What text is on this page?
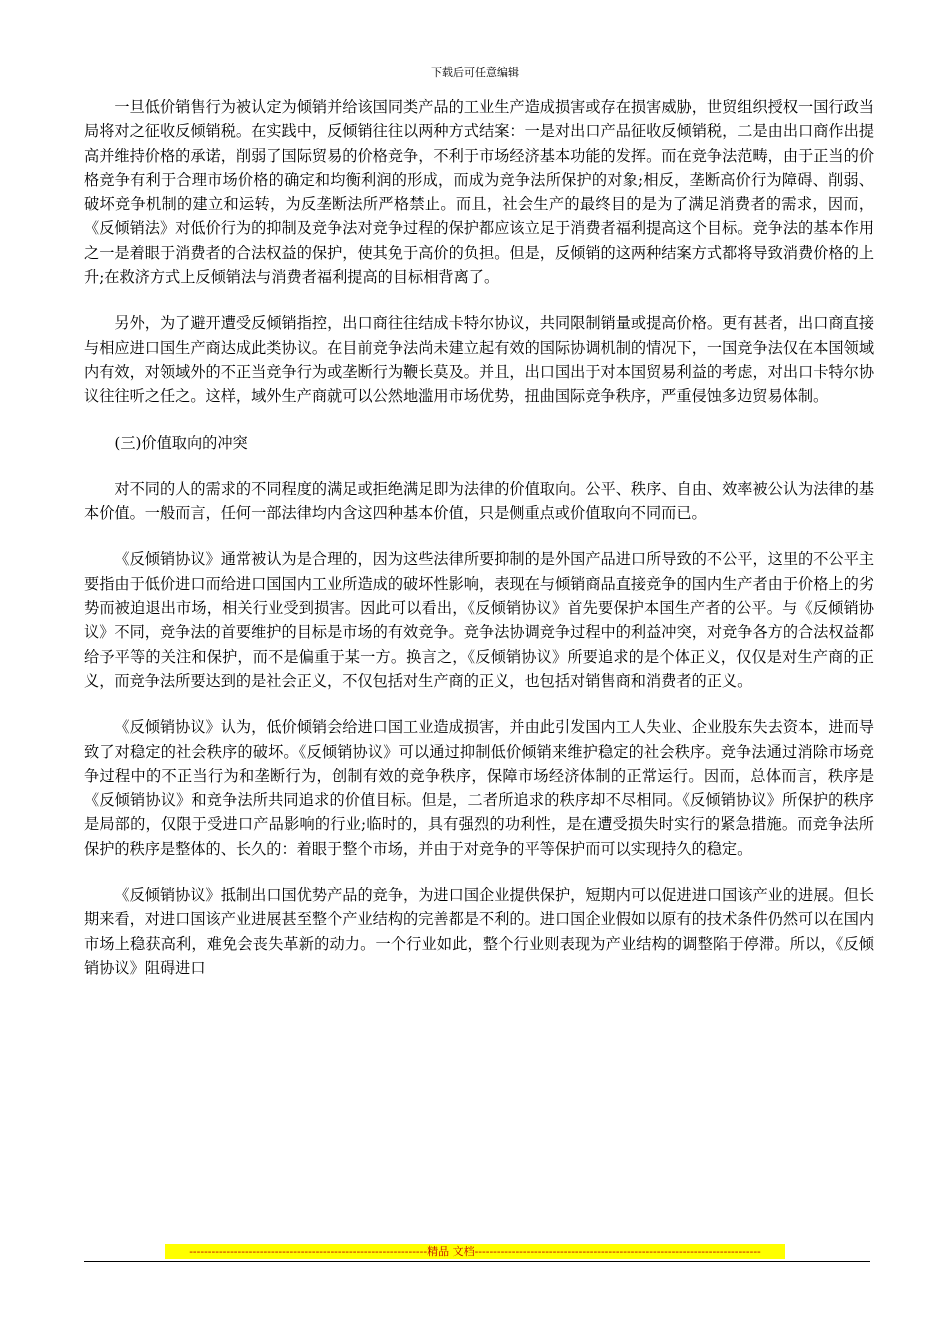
下载后可任意编辑

一旦低价销售行为被认定为倾销并给该国同类产品的工业生产造成损害或存在损害威胁，世贸组织授权一国行政当局将对之征收反倾销税。在实践中，反倾销往往以两种方式结案：一是对出口产品征收反倾销税，二是由出口商作出提高并维持价格的承诺，削弱了国际贸易的价格竞争，不利于市场经济基本功能的发挥。而在竞争法范畴，由于正当的价格竞争有利于合理市场价格的确定和均衡利润的形成，而成为竞争法所保护的对象;相反，垄断高价行为障碍、削弱、破坏竞争机制的建立和运转，为反垄断法所严格禁止。而且，社会生产的最终目的是为了满足消费者的需求，因而，《反倾销法》对低价行为的抑制及竞争法对竞争过程的保护都应该立足于消费者福利提高这个目标。竞争法的基本作用之一是着眼于消费者的合法权益的保护，使其免于高价的负担。但是，反倾销的这两种结案方式都将导致消费价格的上升;在救济方式上反倾销法与消费者福利提高的目标相背离了。

另外，为了避开遭受反倾销指控，出口商往往结成卡特尔协议，共同限制销量或提高价格。更有甚者，出口商直接与相应进口国生产商达成此类协议。在目前竞争法尚未建立起有效的国际协调机制的情况下，一国竞争法仅在本国领域内有效，对领域外的不正当竞争行为或垄断行为鞭长莫及。并且，出口国出于对本国贸易利益的考虑，对出口卡特尔协议往往听之任之。这样，域外生产商就可以公然地滥用市场优势，扭曲国际竞争秩序，严重侵蚀多边贸易体制。

(三)价值取向的冲突

对不同的人的需求的不同程度的满足或拒绝满足即为法律的价值取向。公平、秩序、自由、效率被公认为法律的基本价值。一般而言，任何一部法律均内含这四种基本价值，只是侧重点或价值取向不同而已。

《反倾销协议》通常被认为是合理的，因为这些法律所要抑制的是外国产品进口所导致的不公平，这里的不公平主要指由于低价进口而给进口国国内工业所造成的破坏性影响，表现在与倾销商品直接竞争的国内生产者由于价格上的劣势而被迫退出市场，相关行业受到损害。因此可以看出，《反倾销协议》首先要保护本国生产者的公平。与《反倾销协议》不同，竞争法的首要维护的目标是市场的有效竞争。竞争法协调竞争过程中的利益冲突，对竞争各方的合法权益都给予平等的关注和保护，而不是偏重于某一方。换言之，《反倾销协议》所要追求的是个体正义，仅仅是对生产商的正义，而竞争法所要达到的是社会正义，不仅包括对生产商的正义，也包括对销售商和消费者的正义。

《反倾销协议》认为，低价倾销会给进口国工业造成损害，并由此引发国内工人失业、企业股东失去资本，进而导致了对稳定的社会秩序的破坏。《反倾销协议》可以通过抑制低价倾销来维护稳定的社会秩序。竞争法通过消除市场竞争过程中的不正当行为和垄断行为，创制有效的竞争秩序，保障市场经济体制的正常运行。因而，总体而言，秩序是《反倾销协议》和竞争法所共同追求的价值目标。但是，二者所追求的秩序却不尽相同。《反倾销协议》所保护的秩序是局部的，仅限于受进口产品影响的行业;临时的，具有强烈的功利性，是在遭受损失时实行的紧急措施。而竞争法所保护的秩序是整体的、长久的：着眼于整个市场，并由于对竞争的平等保护而可以实现持久的稳定。

《反倾销协议》抵制出口国优势产品的竞争，为进口国企业提供保护，短期内可以促进进口国该产业的进展。但长期来看，对进口国该产业进展甚至整个产业结构的完善都是不利的。进口国企业假如以原有的技术条件仍然可以在国内市场上稳获高利，难免会丧失革新的动力。一个行业如此，整个行业则表现为产业结构的调整陷于停滞。所以，《反倾销协议》阻碍进口

----------------------------------------------------------------精品 文档-----------------------------------------------------------------------------
